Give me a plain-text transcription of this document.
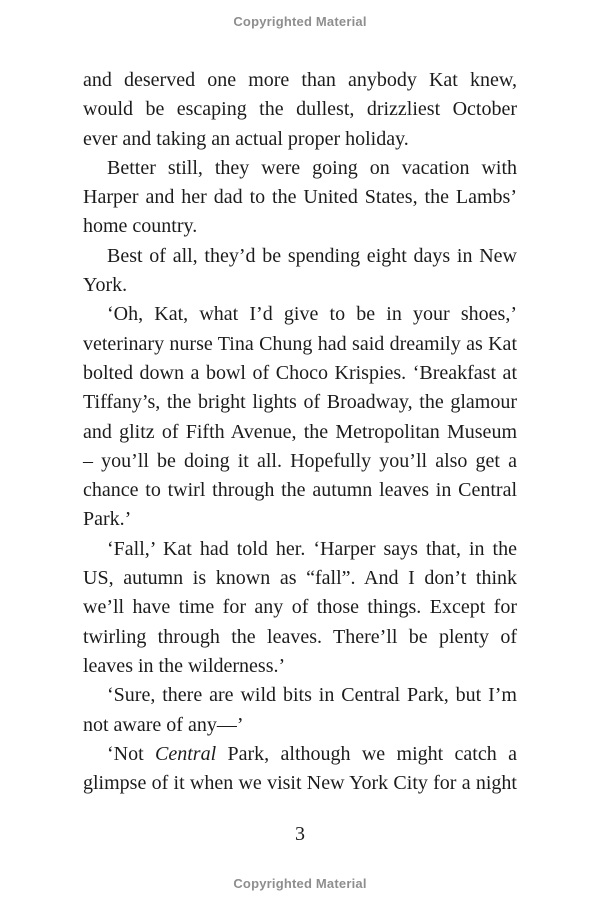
Copyrighted Material
and deserved one more than anybody Kat knew,
would be escaping the dullest, drizzliest October
ever and taking an actual proper holiday.
Better still, they were going on vacation with
Harper and her dad to the United States, the Lambs’
home country.
Best of all, they’d be spending eight days in New
York.
‘Oh, Kat, what I’d give to be in your shoes,’
veterinary nurse Tina Chung had said dreamily as Kat
bolted down a bowl of Choco Krispies. ‘Breakfast at
Tiffany’s, the bright lights of Broadway, the glamour
and glitz of Fifth Avenue, the Metropolitan Museum
– you’ll be doing it all. Hopefully you’ll also get a
chance to twirl through the autumn leaves in Central
Park.’
‘Fall,’ Kat had told her. ‘Harper says that, in the
US, autumn is known as “fall”. And I don’t think
we’ll have time for any of those things. Except for
twirling through the leaves. There’ll be plenty of
leaves in the wilderness.’
‘Sure, there are wild bits in Central Park, but I’m
not aware of any—’
‘Not Central Park, although we might catch a
glimpse of it when we visit New York City for a night
3
Copyrighted Material
